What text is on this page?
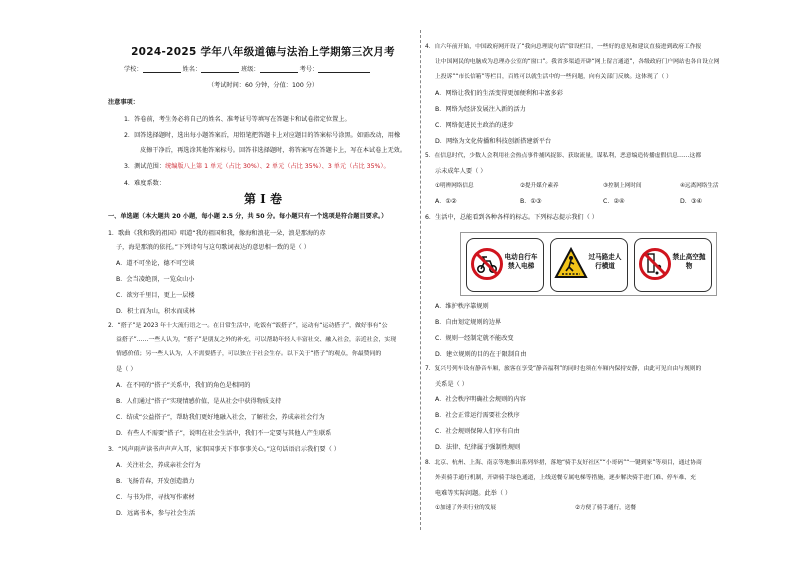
2024-2025 学年八年级道德与法治上学期第三次月考
学校：	姓名：	班级：	考号：
（考试时间：60 分钟，分值：100 分）
注意事项：
1．答卷前，考生务必将自己的姓名、准考证号等填写在答题卡和试卷指定位置上。
2．回答选择题时，选出每小题答案后，用铅笔把答题卡上对应题目的答案标号涂黑。如需改动，用橡
皮擦干净后，再选涂其他答案标号。回答非选择题时，将答案写在答题卡上，写在本试卷上无效。
3．测试范围：统编版八上第 1 单元（占比 30%）、2 单元（占比 35%）、3 单元（占比 35%）。
4．难度系数：
第 I 卷
一、单选题（本大题共 20 小题，每小题 2.5 分，共 50 分。每小题只有一个选项是符合题目要求。）
1．歌曲《我和我的祖国》唱道“我的祖国和我，像海和浪花一朵，浪是那海的赤
子，海是那浪的依托。”下列诗句与这句歌词表达的意思相一致的是（ ）
A．道不可坐论，德不可空谈
B．会当凌绝顶，一览众山小
C．欲穷千里目，更上一层楼
D．积土而为山，积水而成林
2．“搭子”是 2023 年十大流行语之一。在日常生活中，吃饭有“饭搭子”，运动有“运动搭子”，做好事有“公
益搭子”……一些人认为，“搭子”是朋友之外的补充，可以帮助年轻人丰富社交、融入社会，亲近社会，实现
情感价值；另一些人认为，人不需要搭子，可以独立于社会生存。以下关于“搭子”的观点，你最赞同的
是（ ）
A．在不同的“搭子”关系中，我们的角色是相同的
B．人们通过“搭子”实现情感价值，是从社会中获得物质支持
C．结成“公益搭子”，帮助我们更好地融入社会，了解社会，养成亲社会行为
D．有些人不需要“搭子”，说明在社会生活中，我们不一定要与其他人产生联系
3．“风声雨声读书声声声入耳，家事国事天下事事事关心。”这句话语启示我们要（ ）
A．关注社会，养成亲社会行为
B．飞扬青春，开发创造潜力
C．与书为伴，寻找写作素材
D．远离书本，参与社会生活
4．自六年前开始，中国政府网开设了“我向总理说句话”常设栏目，一些好的意见和建议直接进到政府工作报
让中国网民的电脑成为总理办公室的“窗口”。我省多渠道开辟“网上留言通道”，各级政府门户网站也各自设立网
上投诉”“市长信箱”等栏目，百姓可以就生活中的一些问题，向有关部门反映。这体现了（ ）
A．网络让我们的生活变得更加便利和丰富多彩
B．网络为经济发展注入新的活力
C．网络促进民主政治的进步
D．网络为文化传播和科技创新搭建新平台
5．在信息时代，少数人会利用社会热点事件捕风捉影、获取流量，谋私利，恶意编造传播虚假信息……这都
示未成年人要（ ）
①明辨网络信息	②提升媒介素养	③控制上网时间	④远离网络生活
A．①②	B．①③	C．②④	D．③④
6．生活中，总能看到各种各样的标志。下列标志提示我们（ ）
A．维护秩序靠规则
B．自由划定规则的边界
C．规则一经制定就不能改变
D．建立规则的目的在于限制自由
7．复兴号列车设有静音车厢，旅客在享受“静音福利”的同时也须在车厢内保持安静，由此可见自由与规则的
关系是（ ）
A．社会秩序明确社会规则的内容
B．社会正常运行需要社会秩序
C．社会规则保障人们享有自由
D．法律、纪律属于强制性规则
8．北京、杭州、上海、南京等地推出系列举措，落地“骑手友好社区”“小哥码”“一键到家”等项目，通过协商
外卖骑手通行机制，开辟骑手绿色通道，上线送餐专属电梯等措施，逐步解决骑手进门难、停车难、充
电难等实际问题。此举（ ）
①加速了外卖行业的发展	②方便了骑手通行，送餐
电动自行车禁入电梯
过马路走人行横道
禁止高空抛物
